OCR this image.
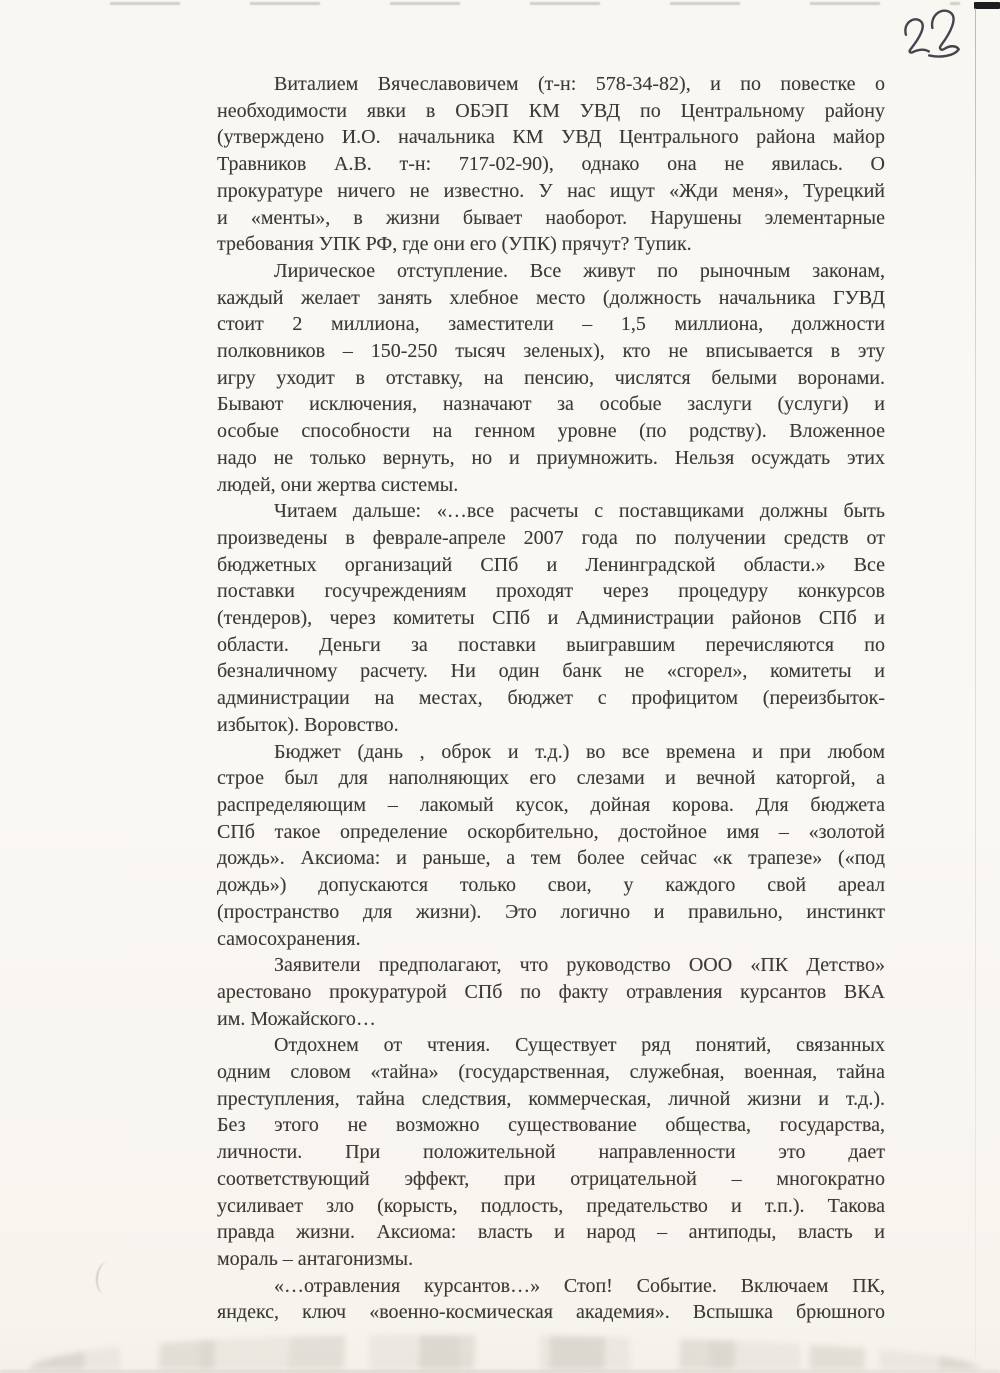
Виталием Вячеславовичем (т-н: 578-34-82), и по повестке о
необходимости явки в ОБЭП КМ УВД по Центральному району
(утверждено И.О. начальника КМ УВД Центрального района майор
Травников А.В. т-н: 717-02-90), однако она не явилась. О
прокуратуре ничего не известно. У нас ищут «Жди меня», Турецкий
и «менты», в жизни бывает наоборот. Нарушены элементарные
требования УПК РФ, где они его (УПК) прячут? Тупик.
Лирическое отступление. Все живут по рыночным законам,
каждый желает занять хлебное место (должность начальника ГУВД
стоит 2 миллиона, заместители – 1,5 миллиона, должности
полковников – 150-250 тысяч зеленых), кто не вписывается в эту
игру уходит в отставку, на пенсию, числятся белыми воронами.
Бывают исключения, назначают за особые заслуги (услуги) и
особые способности на генном уровне (по родству). Вложенное
надо не только вернуть, но и приумножить. Нельзя осуждать этих
людей, они жертва системы.
Читаем дальше: «…все расчеты с поставщиками должны быть
произведены в феврале-апреле 2007 года по получении средств от
бюджетных организаций СПб и Ленинградской области.» Все
поставки госучреждениям проходят через процедуру конкурсов
(тендеров), через комитеты СПб и Администрации районов СПб и
области. Деньги за поставки выигравшим перечисляются по
безналичному расчету. Ни один банк не «сгорел», комитеты и
администрации на местах, бюджет с профицитом (переизбыток-
избыток). Воровство.
Бюджет (дань , оброк и т.д.) во все времена и при любом
строе был для наполняющих его слезами и вечной каторгой, а
распределяющим – лакомый кусок, дойная корова. Для бюджета
СПб такое определение оскорбительно, достойное имя – «золотой
дождь». Аксиома: и раньше, а тем более сейчас «к трапезе» («под
дождь») допускаются только свои, у каждого свой ареал
(пространство для жизни). Это логично и правильно, инстинкт
самосохранения.
Заявители предполагают, что руководство ООО «ПК Детство»
арестовано прокуратурой СПб по факту отравления курсантов ВКА
им. Можайского…
Отдохнем от чтения. Существует ряд понятий, связанных
одним словом «тайна» (государственная, служебная, военная, тайна
преступления, тайна следствия, коммерческая, личной жизни и т.д.).
Без этого не возможно существование общества, государства,
личности. При положительной направленности это дает
соответствующий эффект, при отрицательной – многократно
усиливает зло (корысть, подлость, предательство и т.п.). Такова
правда жизни. Аксиома: власть и народ – антиподы, власть и
мораль – антагонизмы.
«…отравления курсантов…» Стоп! Событие. Включаем ПК,
яндекс, ключ «военно-космическая академия». Вспышка брюшного
